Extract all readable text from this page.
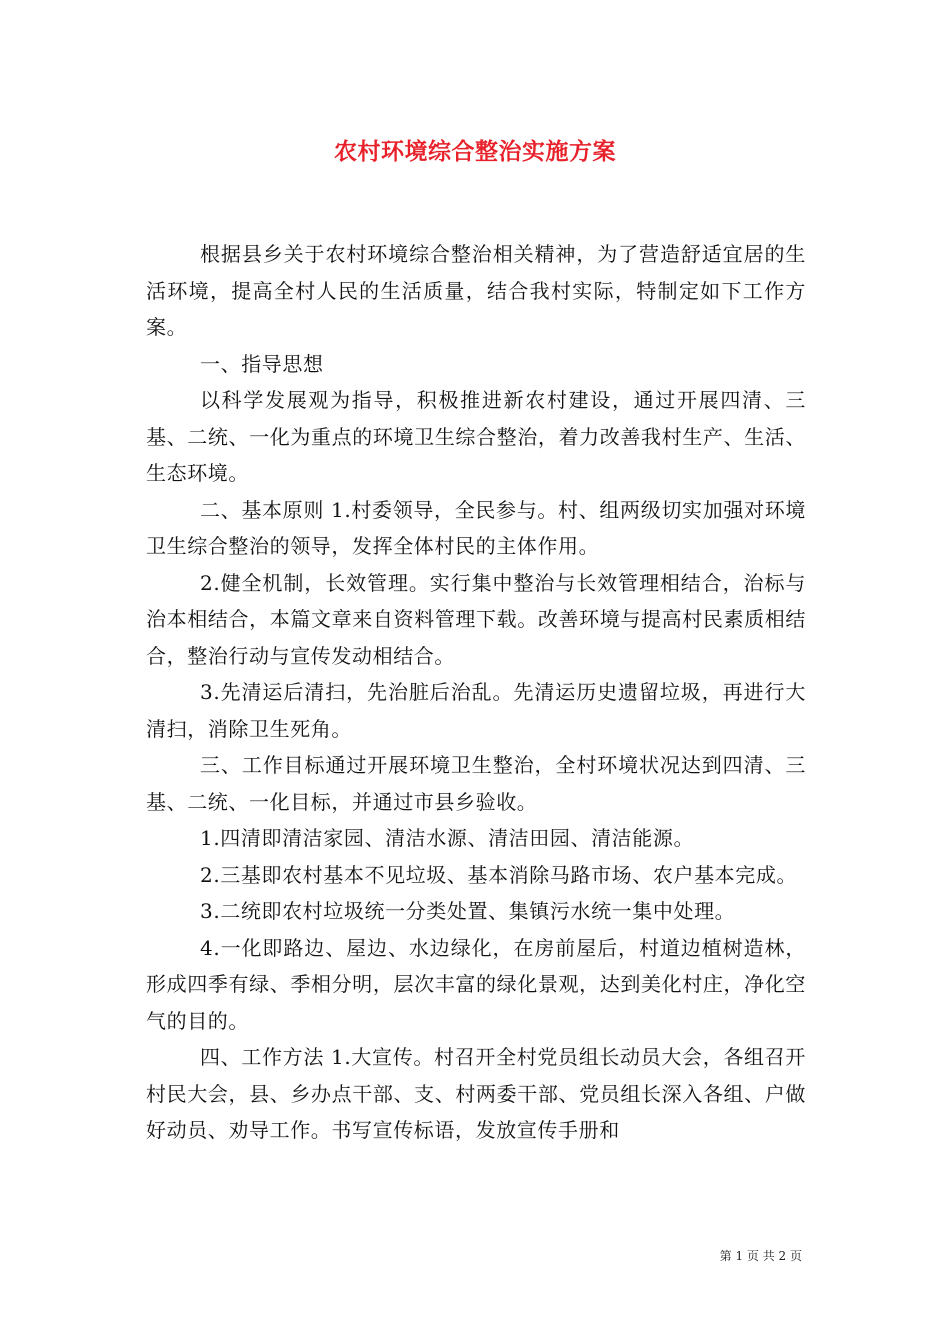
农村环境综合整治实施方案

根据县乡关于农村环境综合整治相关精神，为了营造舒适宜居的生活环境，提高全村人民的生活质量，结合我村实际，特制定如下工作方案。

一、指导思想

以科学发展观为指导，积极推进新农村建设，通过开展四清、三基、二统、一化为重点的环境卫生综合整治，着力改善我村生产、生活、生态环境。

二、基本原则 1.村委领导，全民参与。村、组两级切实加强对环境卫生综合整治的领导，发挥全体村民的主体作用。

2.健全机制，长效管理。实行集中整治与长效管理相结合，治标与治本相结合，本篇文章来自资料管理下载。改善环境与提高村民素质相结合，整治行动与宣传发动相结合。

3.先清运后清扫，先治脏后治乱。先清运历史遗留垃圾，再进行大清扫，消除卫生死角。

三、工作目标通过开展环境卫生整治，全村环境状况达到四清、三基、二统、一化目标，并通过市县乡验收。

1.四清即清洁家园、清洁水源、清洁田园、清洁能源。

2.三基即农村基本不见垃圾、基本消除马路市场、农户基本完成。

3.二统即农村垃圾统一分类处置、集镇污水统一集中处理。

4.一化即路边、屋边、水边绿化，在房前屋后，村道边植树造林，形成四季有绿、季相分明，层次丰富的绿化景观，达到美化村庄，净化空气的目的。

四、工作方法 1.大宣传。村召开全村党员组长动员大会，各组召开村民大会，县、乡办点干部、支、村两委干部、党员组长深入各组、户做好动员、劝导工作。书写宣传标语，发放宣传手册和

第 1 页 共 2 页
